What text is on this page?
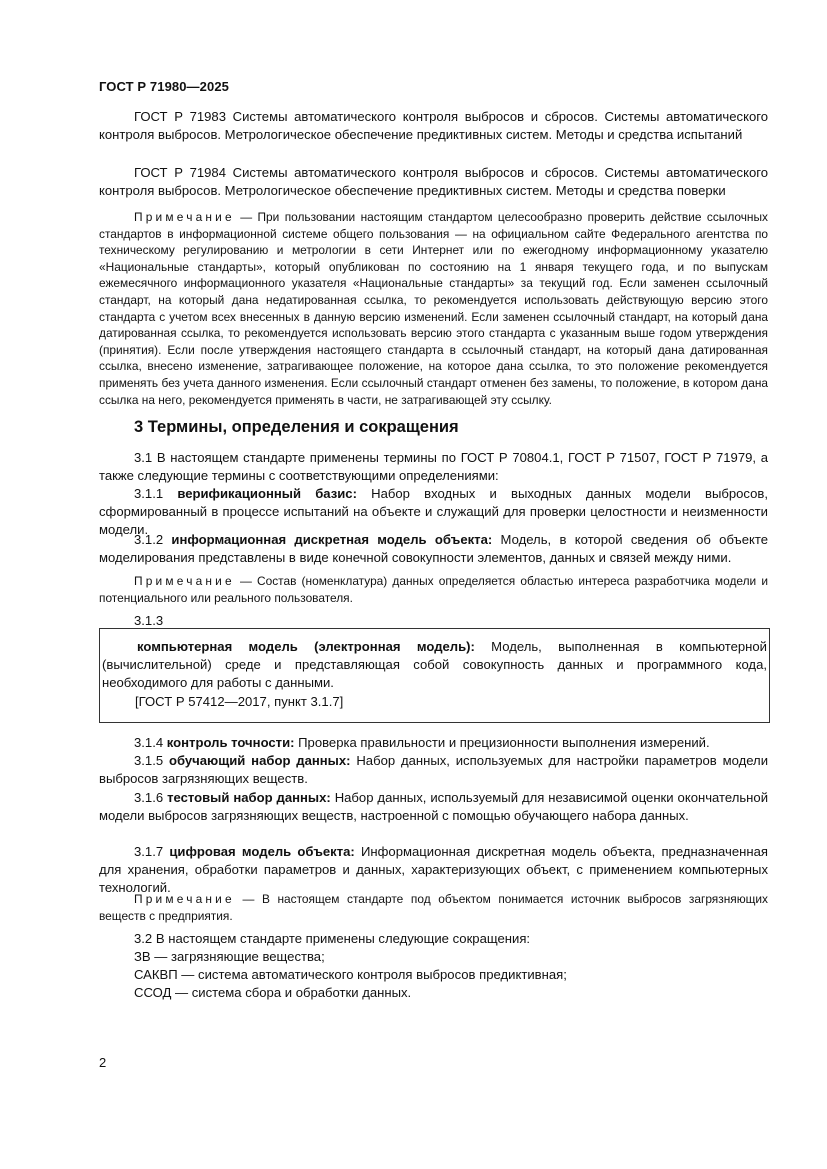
ГОСТ Р 71980—2025

ГОСТ Р 71983 Системы автоматического контроля выбросов и сбросов. Системы автоматического контроля выбросов. Метрологическое обеспечение предиктивных систем. Методы и средства испытаний

ГОСТ Р 71984 Системы автоматического контроля выбросов и сбросов. Системы автоматического контроля выбросов. Метрологическое обеспечение предиктивных систем. Методы и средства поверки

Примечание — При пользовании настоящим стандартом целесообразно проверить действие ссылочных стандартов в информационной системе общего пользования — на официальном сайте Федерального агентства по техническому регулированию и метрологии в сети Интернет или по ежегодному информационному указателю «Национальные стандарты», который опубликован по состоянию на 1 января текущего года, и по выпускам ежемесячного информационного указателя «Национальные стандарты» за текущий год. Если заменен ссылочный стандарт, на который дана недатированная ссылка, то рекомендуется использовать действующую версию этого стандарта с учетом всех внесенных в данную версию изменений. Если заменен ссылочный стандарт, на который дана датированная ссылка, то рекомендуется использовать версию этого стандарта с указанным выше годом утверждения (принятия). Если после утверждения настоящего стандарта в ссылочный стандарт, на который дана датированная ссылка, внесено изменение, затрагивающее положение, на которое дана ссылка, то это положение рекомендуется применять без учета данного изменения. Если ссылочный стандарт отменен без замены, то положение, в котором дана ссылка на него, рекомендуется применять в части, не затрагивающей эту ссылку.

3 Термины, определения и сокращения

3.1 В настоящем стандарте применены термины по ГОСТ Р 70804.1, ГОСТ Р 71507, ГОСТ Р 71979, а также следующие термины с соответствующими определениями:

3.1.1 верификационный базис: Набор входных и выходных данных модели выбросов, сформированный в процессе испытаний на объекте и служащий для проверки целостности и неизменности модели.

3.1.2 информационная дискретная модель объекта: Модель, в которой сведения об объекте моделирования представлены в виде конечной совокупности элементов, данных и связей между ними.

Примечание — Состав (номенклатура) данных определяется областью интереса разработчика модели и потенциального или реального пользователя.

3.1.3

компьютерная модель (электронная модель): Модель, выполненная в компьютерной (вычислительной) среде и представляющая собой совокупность данных и программного кода, необходимого для работы с данными.

[ГОСТ Р 57412—2017, пункт 3.1.7]

3.1.4 контроль точности: Проверка правильности и прецизионности выполнения измерений.

3.1.5 обучающий набор данных: Набор данных, используемых для настройки параметров модели выбросов загрязняющих веществ.

3.1.6 тестовый набор данных: Набор данных, используемый для независимой оценки окончательной модели выбросов загрязняющих веществ, настроенной с помощью обучающего набора данных.

3.1.7 цифровая модель объекта: Информационная дискретная модель объекта, предназначенная для хранения, обработки параметров и данных, характеризующих объект, с применением компьютерных технологий.

Примечание — В настоящем стандарте под объектом понимается источник выбросов загрязняющих веществ с предприятия.

3.2 В настоящем стандарте применены следующие сокращения:

ЗВ — загрязняющие вещества;

САКВП — система автоматического контроля выбросов предиктивная;

ССОД — система сбора и обработки данных.

2
